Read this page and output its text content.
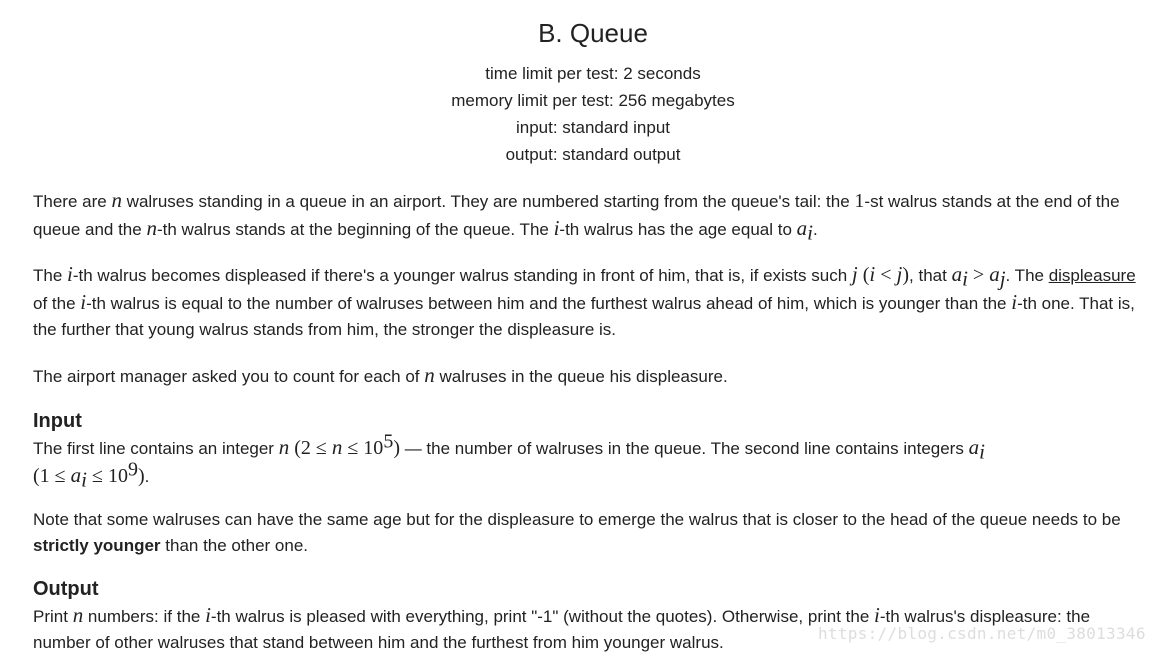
B. Queue
time limit per test: 2 seconds
memory limit per test: 256 megabytes
input: standard input
output: standard output

There are n walruses standing in a queue in an airport. They are numbered starting from the queue's tail: the 1-st walrus stands at the end of the queue and the n-th walrus stands at the beginning of the queue. The i-th walrus has the age equal to $a_i$.

The i-th walrus becomes displeased if there's a younger walrus standing in front of him, that is, if exists such j (i < j), that $a_i > a_j$. The displeasure of the i-th walrus is equal to the number of walruses between him and the furthest walrus ahead of him, which is younger than the i-th one. That is, the further that young walrus stands from him, the stronger the displeasure is.

The airport manager asked you to count for each of n walruses in the queue his displeasure.

Input

The first line contains an integer n $(2 \le n \le 10^5)$ — the number of walruses in the queue. The second line contains integers $a_i$
$(1 \le a_i \le 10^9)$.

Note that some walruses can have the same age but for the displeasure to emerge the walrus that is closer to the head of the queue needs to be strictly younger than the other one.

Output

Print n numbers: if the i-th walrus is pleased with everything, print "-1" (without the quotes). Otherwise, print the i-th walrus's displeasure: the number of other walruses that stand between him and the furthest from him younger walrus.	https://blog.csdn.net/m0_38013346
